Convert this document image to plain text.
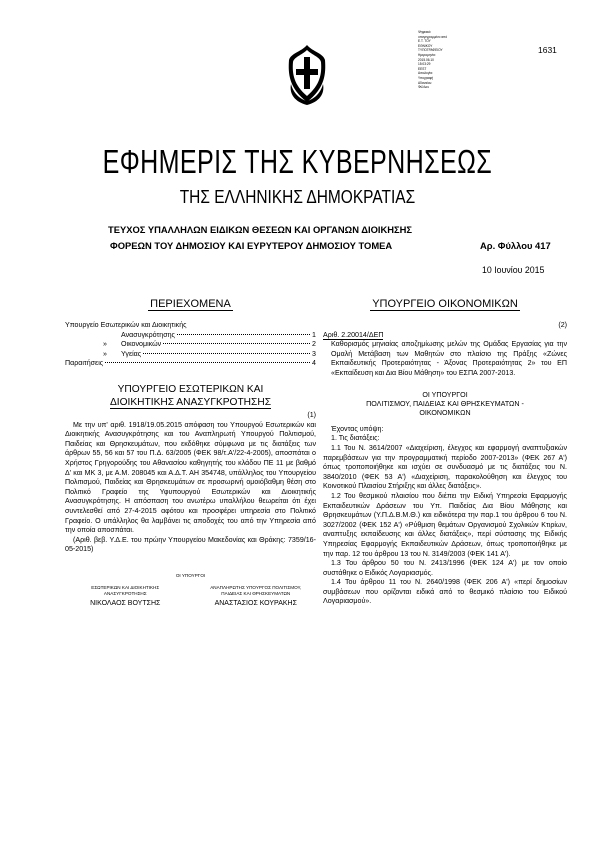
Ψηφιακά
υπογεγραμμένο από
Ε.Τ. ΤΟΥ
ΕΘΝΙΚΟΥ
ΤΥΠΟΓΡΑΦΕΙΟΥ
Ημερομηνία:
2015.06.10
15:03:29
EEST
Αιτιολογία:
Υπογραφή
Αδαναίου
Φύλλου
1631
ΕΦΗΜΕΡΙΣ ΤΗΣ ΚΥΒΕΡΝΗΣΕΩΣ
ΤΗΣ ΕΛΛΗΝΙΚΗΣ ΔΗΜΟΚΡΑΤΙΑΣ
ΤΕΥΧΟΣ ΥΠΑΛΛΗΛΩΝ ΕΙΔΙΚΩΝ ΘΕΣΕΩΝ ΚΑΙ ΟΡΓΑΝΩΝ ΔΙΟΙΚΗΣΗΣ
ΦΟΡΕΩΝ ΤΟΥ ΔΗΜΟΣΙΟΥ ΚΑΙ ΕΥΡΥΤΕΡΟΥ ΔΗΜΟΣΙΟΥ ΤΟΜΕΑ	Αρ. Φύλλου 417
10 Ιουνίου 2015

ΠΕΡΙΕΧΟΜΕΝΑ

Υπουργείο Εσωτερικών και Διοικητικής

Ανασυγκρότησης	1
»	Οικονομικών	2
»	Υγείας	3
Παραιτήσεις	4

ΥΠΟΥΡΓΕΙΟ ΕΣΩΤΕΡΙΚΩΝ ΚΑΙ
ΔΙΟΙΚΗΤΙΚΗΣ ΑΝΑΣΥΓΚΡΟΤΗΣΗΣ

(1)

Με την υπ' αριθ. 1918/19.05.2015 απόφαση του Υπουργού Εσωτερικών και Διοικητικής Ανασυγκρότησης και του Αναπληρωτή Υπουργού Πολιτισμού, Παιδείας και Θρησκευμάτων, που εκδόθηκε σύμφωνα με τις διατάξεις των άρθρων 55, 56 και 57 του Π.Δ. 63/2005 (ΦΕΚ 98/τ.Α'/22-4-2005), αποσπάται ο Χρήστος Γρηγορούδης του Αθανασίου καθηγητής του κλάδου ΠΕ 11 με βαθμό Δ' και ΜΚ 3, με Α.Μ. 208045 και Α.Δ.Τ. ΑΗ 354748, υπάλληλος του Υπουργείου Πολιτισμού, Παιδείας και Θρησκευμάτων σε προσωρινή ομοιόβαθμη θέση στο Πολιτικό Γραφείο της Υφυπουργού Εσωτερικών και Διοικητικής Ανασυγκρότησης. Η απόσπαση του ανωτέρω υπαλλήλου θεωρείται ότι έχει συντελεσθεί από 27-4-2015 αφότου και προσφέρει υπηρεσία στο Πολιτικό Γραφείο. Ο υπάλληλος θα λαμβάνει τις αποδοχές του από την Υπηρεσία από την οποία αποσπάται.

(Αριθ. βεβ. Υ.Δ.Ε. του πρώην Υπουργείου Μακεδονίας και Θράκης: 7359/16-05-2015)

ΟΙ ΥΠΟΥΡΓΟΙ

ΕΣΩΤΕΡΙΚΩΝ ΚΑΙ ΔΙΟΙΚΗΤΙΚΗΣ

ΑΝΑΣΥΓΚΡΟΤΗΣΗΣ

ΝΙΚΟΛΑΟΣ ΒΟΥΤΣΗΣ

ΑΝΑΠΛΗΡΩΤΗΣ ΥΠΟΥΡΓΟΣ ΠΟΛΙΤΙΣΜΟΥ,

ΠΑΙΔΕΙΑΣ ΚΑΙ ΘΡΗΣΚΕΥΜΑΤΩΝ

ΑΝΑΣΤΑΣΙΟΣ ΚΟΥΡΑΚΗΣ

ΥΠΟΥΡΓΕΙΟ ΟΙΚΟΝΟΜΙΚΩΝ

(2)

Αριθ. 2.20014/ΔΕΠ

Καθορισμός μηνιαίας αποζημίωσης μελών της Ομάδας Εργασίας για την Ομαλή Μετάβαση των Μαθητών στο πλαίσιο της Πράξης «Ζώνες Εκπαιδευτικής Προτεραιότητας - Άξονας Προτεραιότητας 2» του ΕΠ «Εκπαίδευση και Δια Βίου Μάθηση» του ΕΣΠΑ 2007-2013.

ΟΙ ΥΠΟΥΡΓΟΙ
ΠΟΛΙΤΙΣΜΟΥ, ΠΑΙΔΕΙΑΣ ΚΑΙ ΘΡΗΣΚΕΥΜΑΤΩΝ -
ΟΙΚΟΝΟΜΙΚΩΝ

Έχοντας υπόψη:

1. Τις διατάξεις:

1.1 Του Ν. 3614/2007 «Διαχείριση, έλεγχος και εφαρμογή αναπτυξιακών παρεμβάσεων για την προγραμματική περίοδο 2007-2013» (ΦΕΚ 267 Α') όπως τροποποιήθηκε και ισχύει σε συνδυασμό με τις διατάξεις του Ν. 3840/2010 (ΦΕΚ 53 Α') «Διαχείριση, παρακολούθηση και έλεγχος του Κοινοτικού Πλαισίου Στήριξης και άλλες διατάξεις».

1.2 Του θεσμικού πλαισίου που διέπει την Ειδική Υπηρεσία Εφαρμογής Εκπαιδευτικών Δράσεων του Υπ. Παιδείας Δια Βίου Μάθησης και Θρησκευμάτων (Υ.Π.Δ.Β.Μ.Θ.) και ειδικότερα την παρ.1 του άρθρου 6 του Ν. 3027/2002 (ΦΕΚ 152 Α') «Ρύθμιση θεμάτων Οργανισμού Σχολικών Κτιρίων, αναπτυξης εκπαίδευσης και άλλες διατάξεις», περί σύστασης της Ειδικής Υπηρεσίας Εφαρμογής Εκπαιδευτικών Δράσεων, όπως τροποποιήθηκε με την παρ. 12 του άρθρου 13 του Ν. 3149/2003 (ΦΕΚ 141 Α').

1.3 Του άρθρου 50 του Ν. 2413/1996 (ΦΕΚ 124 Α') με τον οποίο συστάθηκε ο Ειδικός Λογαριασμός.

1.4 Του άρθρου 11 του Ν. 2640/1998 (ΦΕΚ 206 Α') «περί δημοσίων συμβάσεων που ορίζονται ειδικά από το θεσμικό πλαίσιο του Ειδικού Λογαριασμού».
